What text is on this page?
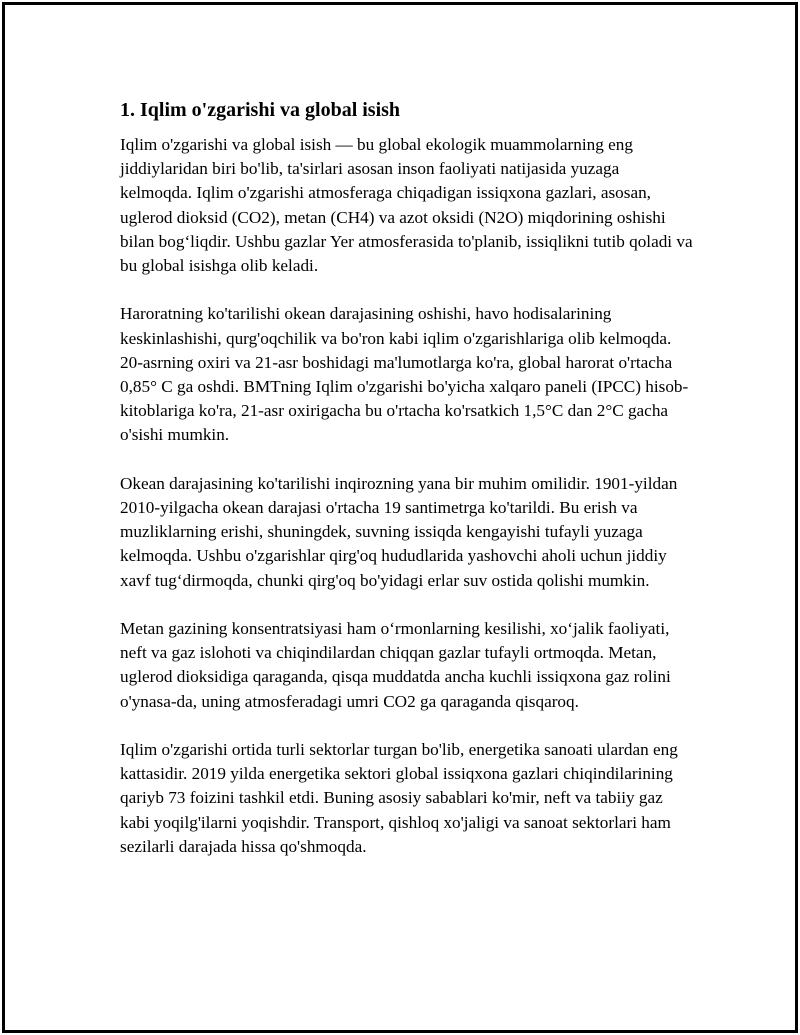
1. Iqlim o'zgarishi va global isish

Iqlim o'zgarishi va global isish — bu global ekologik muammolarning eng jiddiylaridan biri bo'lib, ta'sirlari asosan inson faoliyati natijasida yuzaga kelmoqda. Iqlim o'zgarishi atmosferaga chiqadigan issiqxona gazlari, asosan, uglerod dioksid (CO2), metan (CH4) va azot oksidi (N2O) miqdorining oshishi bilan bog‘liqdir. Ushbu gazlar Yer atmosferasida to'planib, issiqlikni tutib qoladi va bu global isishga olib keladi.

Haroratning ko'tarilishi okean darajasining oshishi, havo hodisalarining keskinlashishi, qurg'oqchilik va bo'ron kabi iqlim o'zgarishlariga olib kelmoqda. 20-asrning oxiri va 21-asr boshidagi ma'lumotlarga ko'ra, global harorat o'rtacha 0,85° C ga oshdi. BMTning Iqlim o'zgarishi bo'yicha xalqaro paneli (IPCC) hisob-kitoblariga ko'ra, 21-asr oxirigacha bu o'rtacha ko'rsatkich 1,5°C dan 2°C gacha o'sishi mumkin.

Okean darajasining ko'tarilishi inqirozning yana bir muhim omilidir. 1901-yildan 2010-yilgacha okean darajasi o'rtacha 19 santimetrga ko'tarildi. Bu erish va muzliklarning erishi, shuningdek, suvning issiqda kengayishi tufayli yuzaga kelmoqda. Ushbu o'zgarishlar qirg'oq hududlarida yashovchi aholi uchun jiddiy xavf tug‘dirmoqda, chunki qirg'oq bo'yidagi erlar suv ostida qolishi mumkin.

Metan gazining konsentratsiyasi ham o‘rmonlarning kesilishi, xo‘jalik faoliyati, neft va gaz islohoti va chiqindilardan chiqqan gazlar tufayli ortmoqda. Metan, uglerod dioksidiga qaraganda, qisqa muddatda ancha kuchli issiqxona gaz rolini o'ynasa-da, uning atmosferadagi umri CO2 ga qaraganda qisqaroq.

Iqlim o'zgarishi ortida turli sektorlar turgan bo'lib, energetika sanoati ulardan eng kattasidir. 2019 yilda energetika sektori global issiqxona gazlari chiqindilarining qariyb 73 foizini tashkil etdi. Buning asosiy sabablari ko'mir, neft va tabiiy gaz kabi yoqilg'ilarni yoqishdir. Transport, qishloq xo'jaligi va sanoat sektorlari ham sezilarli darajada hissa qo'shmoqda.
